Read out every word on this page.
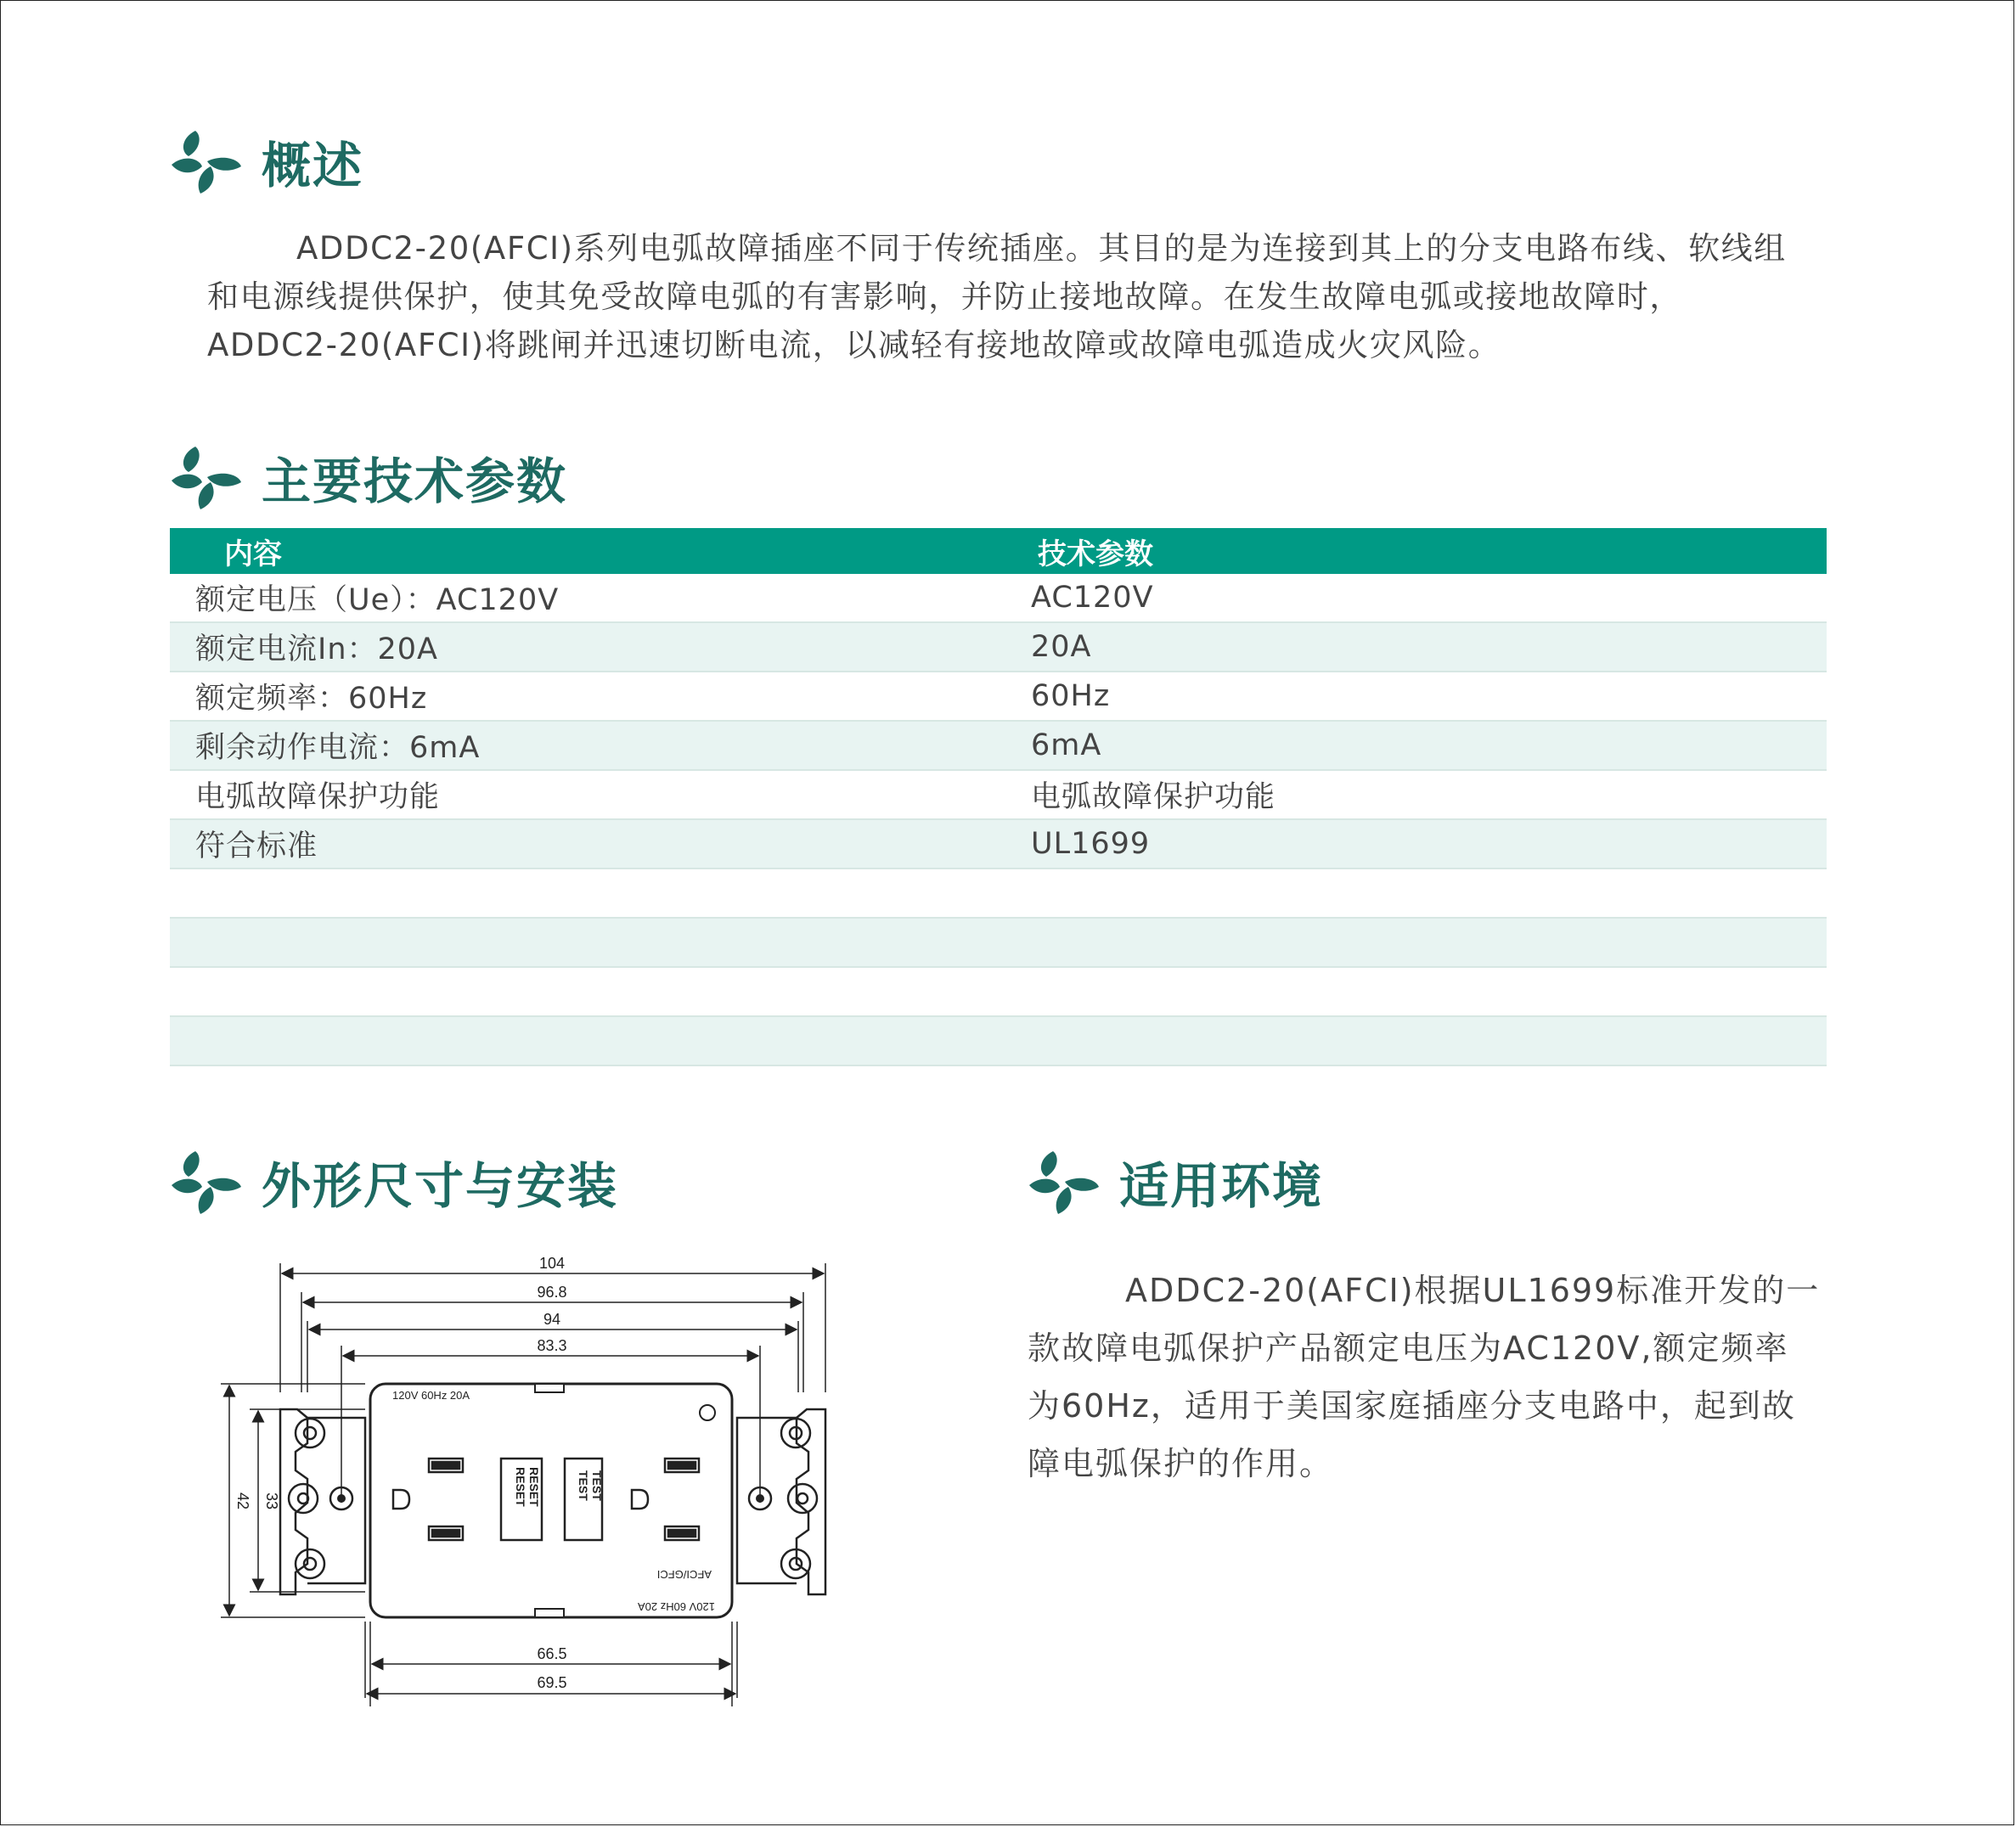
概述

ADDC2-20(AFCI)系列电弧故障插座不同于传统插座。其目的是为连接到其上的分支电路布线、软线组
和电源线提供保护，使其免受故障电弧的有害影响，并防止接地故障。在发生故障电弧或接地故障时，
ADDC2-20(AFCI)将跳闸并迅速切断电流，以减轻有接地故障或故障电弧造成火灾风险。

主要技术参数
内容	技术参数
额定电压（Ue）：AC120V	AC120V
额定电流In：20A	20A
额定频率：60Hz	60Hz
剩余动作电流：6mA	6mA
电弧故障保护功能	电弧故障保护功能
符合标准	UL1699

外形尺寸与安装
104
96.8
94
83.3
66.5
69.5
42 33
120V 60Hz 20A
120V 60Hz 20A
AFCI/GFCI
RESET RESET	TEST TEST
适用环境

ADDC2-20(AFCI)根据UL1699标准开发的一
款故障电弧保护产品额定电压为AC120V,额定频率
为60Hz，适用于美国家庭插座分支电路中，起到故
障电弧保护的作用。
